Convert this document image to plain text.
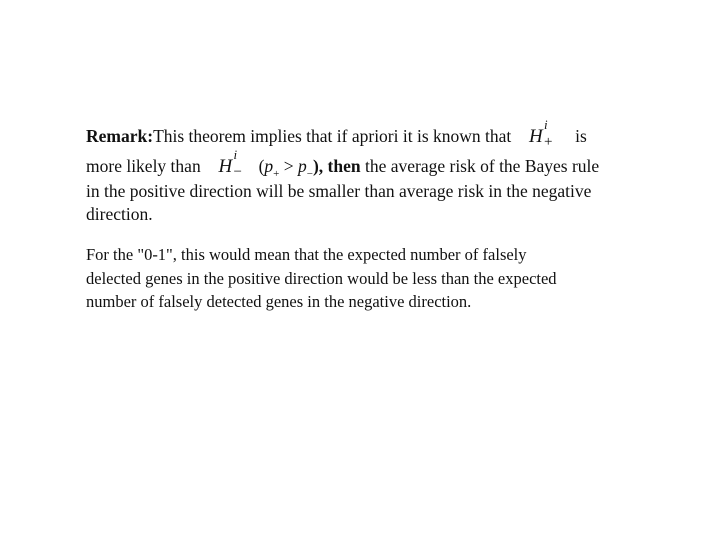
Remark:This theorem implies that if apriori it is known that H
i
+ is
more likely than H
i
− $(p_+ > p_-)$, then the average risk of the Bayes rule
in the positive direction will be smaller than average risk in the negative
direction.
For the "0-1", this would mean that the expected number of falsely
delected genes in the positive direction would be less than the expected
number of falsely detected genes in the negative direction.
